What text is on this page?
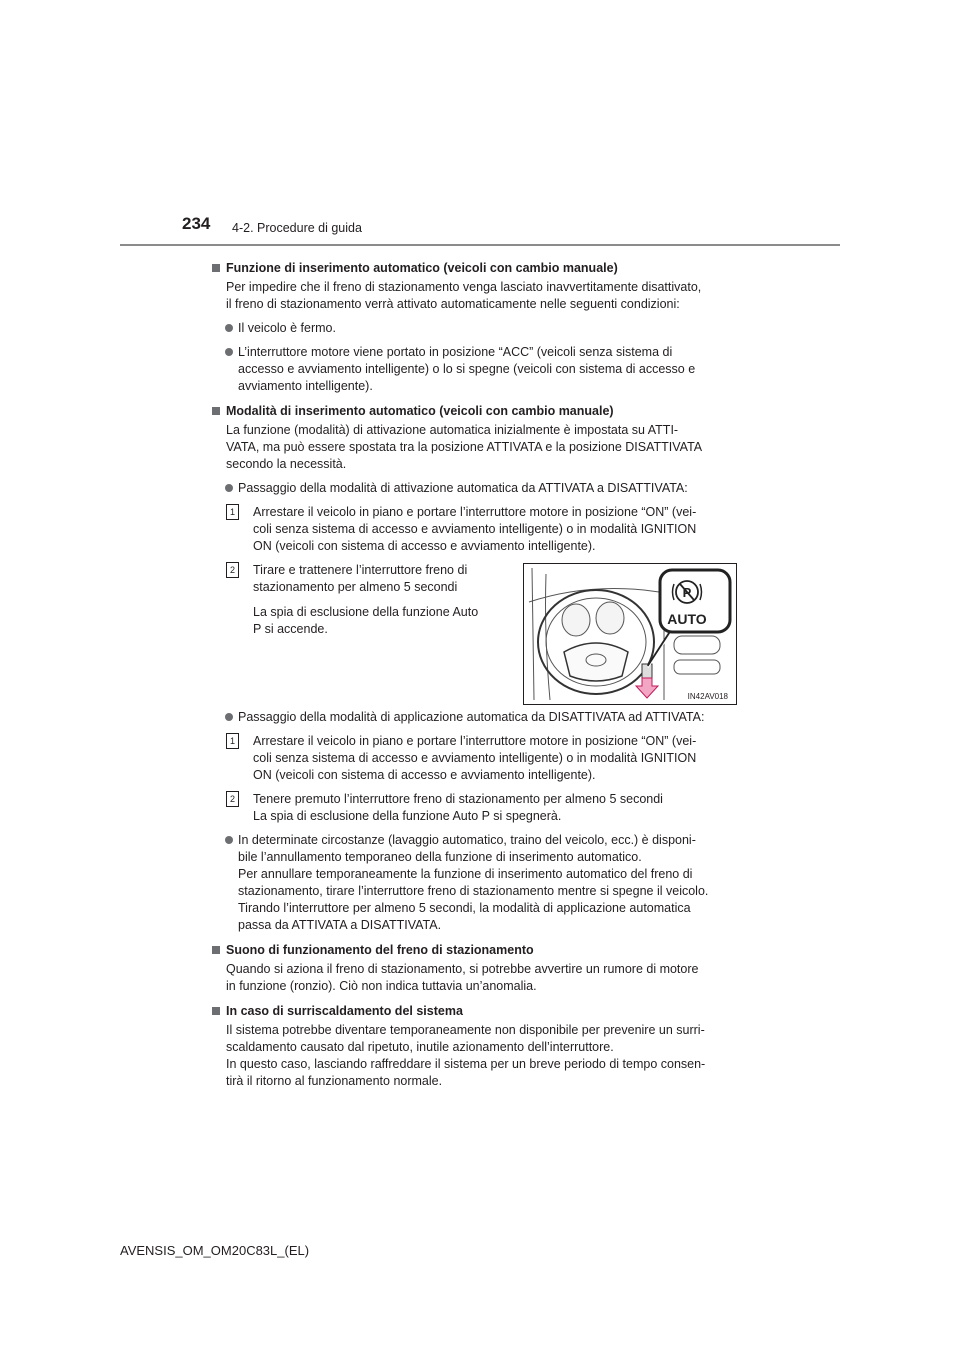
234 4-2. Procedure di guida
Funzione di inserimento automatico (veicoli con cambio manuale)
Per impedire che il freno di stazionamento venga lasciato inavvertitamente disattivato,
il freno di stazionamento verrà attivato automaticamente nelle seguenti condizioni:
Il veicolo è fermo.
L’interruttore motore viene portato in posizione “ACC” (veicoli senza sistema di
accesso e avviamento intelligente) o lo si spegne (veicoli con sistema di accesso e
avviamento intelligente).
Modalità di inserimento automatico (veicoli con cambio manuale)
La funzione (modalità) di attivazione automatica inizialmente è impostata su ATTI-
VATA, ma può essere spostata tra la posizione ATTIVATA e la posizione DISATTIVATA
secondo la necessità.
Passaggio della modalità di attivazione automatica da ATTIVATA a DISATTIVATA:
1	Arrestare il veicolo in piano e portare l’interruttore motore in posizione “ON” (vei-
coli senza sistema di accesso e avviamento intelligente) o in modalità IGNITION
ON (veicoli con sistema di accesso e avviamento intelligente).
2	Tirare e trattenere l’interruttore freno di
stazionamento per almeno 5 secondi
La spia di esclusione della funzione Auto
P si accende.
Passaggio della modalità di applicazione automatica da DISATTIVATA ad ATTIVATA:
1	Arrestare il veicolo in piano e portare l’interruttore motore in posizione “ON” (vei-
coli senza sistema di accesso e avviamento intelligente) o in modalità IGNITION
ON (veicoli con sistema di accesso e avviamento intelligente).
2	Tenere premuto l’interruttore freno di stazionamento per almeno 5 secondi
La spia di esclusione della funzione Auto P si spegnerà.
In determinate circostanze (lavaggio automatico, traino del veicolo, ecc.) è disponi-
bile l’annullamento temporaneo della funzione di inserimento automatico.
Per annullare temporaneamente la funzione di inserimento automatico del freno di
stazionamento, tirare l’interruttore freno di stazionamento mentre si spegne il veicolo.
Tirando l’interruttore per almeno 5 secondi, la modalità di applicazione automatica
passa da ATTIVATA a DISATTIVATA.
Suono di funzionamento del freno di stazionamento
Quando si aziona il freno di stazionamento, si potrebbe avvertire un rumore di motore
in funzione (ronzio). Ciò non indica tuttavia un’anomalia.
In caso di surriscaldamento del sistema
Il sistema potrebbe diventare temporaneamente non disponibile per prevenire un surri-
scaldamento causato dal ripetuto, inutile azionamento dell’interruttore.
In questo caso, lasciando raffreddare il sistema per un breve periodo di tempo consen-
tirà il ritorno al funzionamento normale.
P
AUTO
IN42AV018
AVENSIS_OM_OM20C83L_(EL)
